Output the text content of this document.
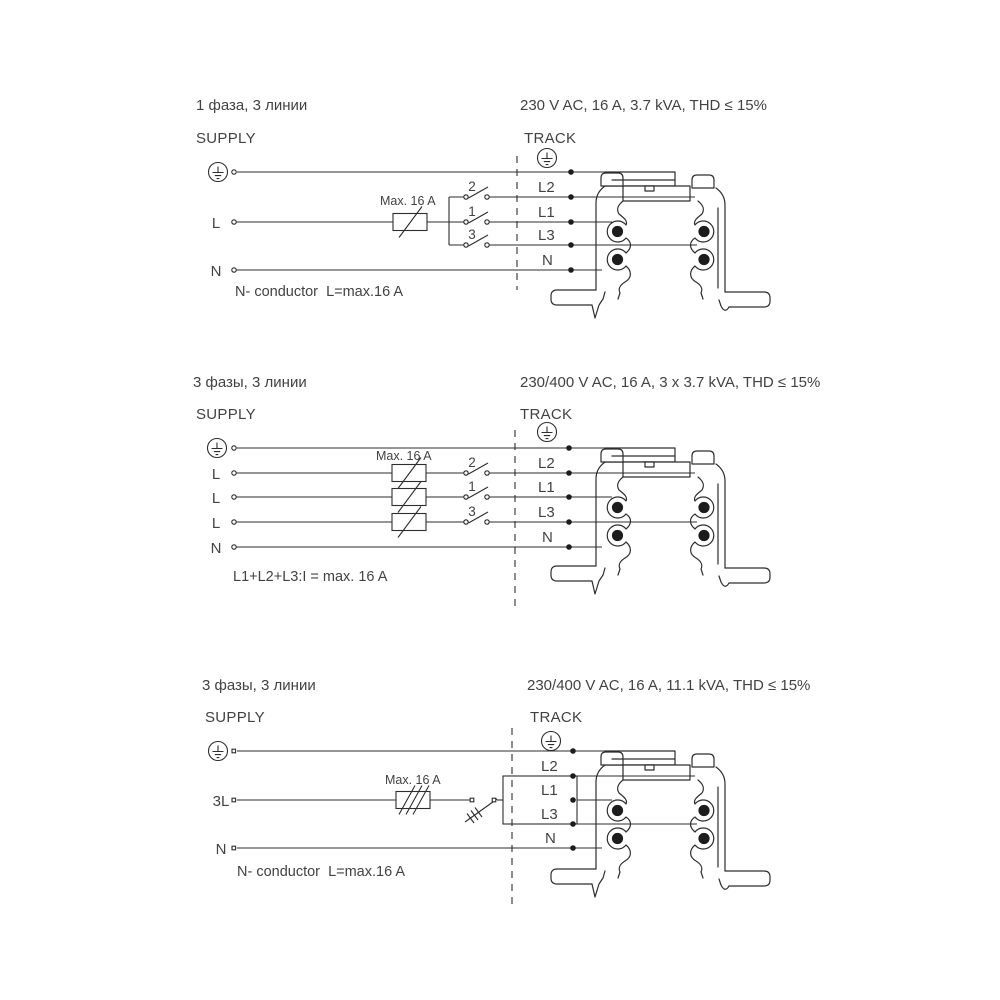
1 фаза, 3 линии	230 V AC, 16 A, 3.7 kVA, THD ≤ 15%
SUPPLY	TRACK
Max. 16 A
2
1
3
L
N
L2
L1
L3
N
N- conductor  L=max.16 A
3 фазы, 3 линии	230/400 V AC, 16 A, 3 x 3.7 kVA, THD ≤ 15%
SUPPLY	TRACK
Max. 16 A	2
1
3
L
L
L
N
L2
L1
L3
N
L1+L2+L3:I = max. 16 A
3 фазы, 3 линии	230/400 V AC, 16 A, 11.1 kVA, THD ≤ 15%
SUPPLY	TRACK
Max. 16 A
3L
N
L2
L1
L3
N
N- conductor  L=max.16 A
